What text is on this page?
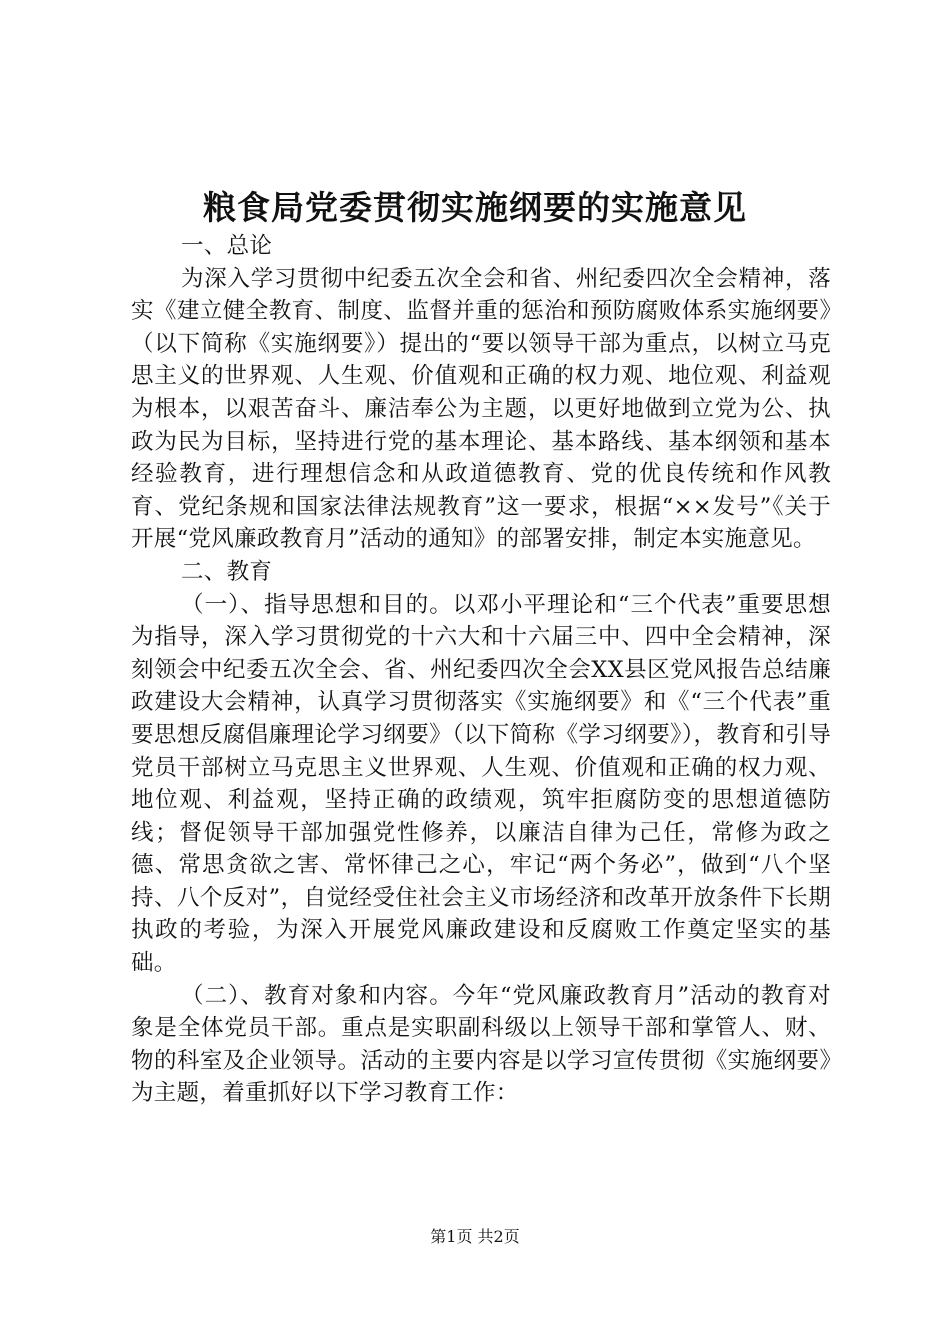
粮食局党委贯彻实施纲要的实施意见

一、总论

为深入学习贯彻中纪委五次全会和省、州纪委四次全会精神，落实《建立健全教育、制度、监督并重的惩治和预防腐败体系实施纲要》（以下简称《实施纲要》）提出的“要以领导干部为重点，以树立马克思主义的世界观、人生观、价值观和正确的权力观、地位观、利益观为根本，以艰苦奋斗、廉洁奉公为主题，以更好地做到立党为公、执政为民为目标，坚持进行党的基本理论、基本路线、基本纲领和基本经验教育，进行理想信念和从政道德教育、党的优良传统和作风教育、党纪条规和国家法律法规教育”这一要求，根据“××发号”《关于开展“党风廉政教育月”活动的通知》的部署安排，制定本实施意见。

二、教育

（一）、指导思想和目的。以邓小平理论和“三个代表”重要思想为指导，深入学习贯彻党的十六大和十六届三中、四中全会精神，深刻领会中纪委五次全会、省、州纪委四次全会XX县区党风报告总结廉政建设大会精神，认真学习贯彻落实《实施纲要》和《“三个代表”重要思想反腐倡廉理论学习纲要》（以下简称《学习纲要》），教育和引导党员干部树立马克思主义世界观、人生观、价值观和正确的权力观、地位观、利益观，坚持正确的政绩观，筑牢拒腐防变的思想道德防线；督促领导干部加强党性修养，以廉洁自律为己任，常修为政之德、常思贪欲之害、常怀律己之心，牢记“两个务必”，做到“八个坚持、八个反对”，自觉经受住社会主义市场经济和改革开放条件下长期执政的考验，为深入开展党风廉政建设和反腐败工作奠定坚实的基础。

（二）、教育对象和内容。今年“党风廉政教育月”活动的教育对象是全体党员干部。重点是实职副科级以上领导干部和掌管人、财、物的科室及企业领导。活动的主要内容是以学习宣传贯彻《实施纲要》为主题，着重抓好以下学习教育工作：

第1页 共2页
